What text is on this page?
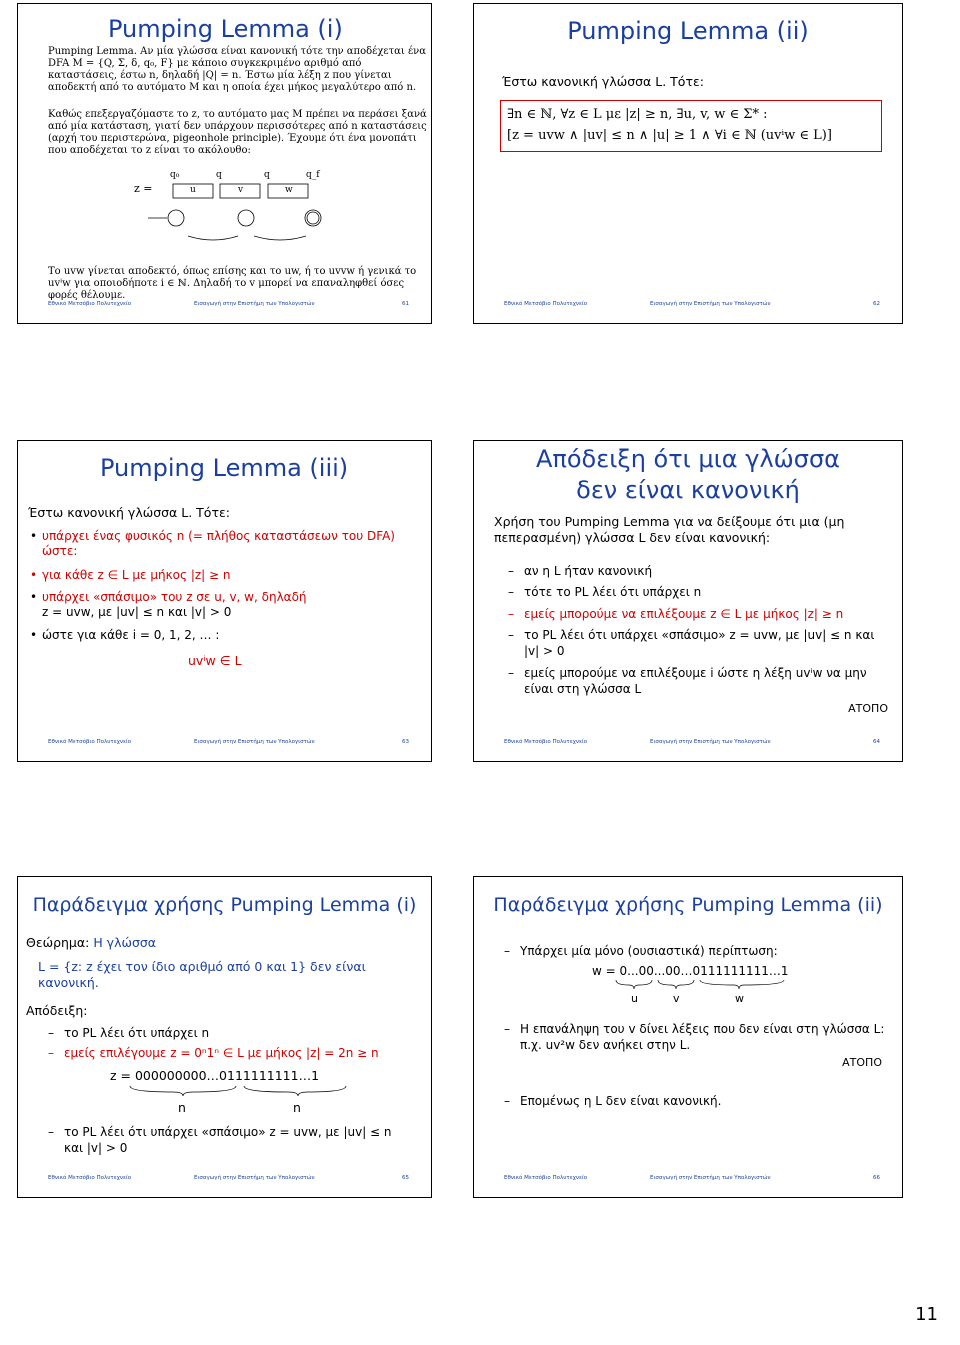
Pumping Lemma (i)
Pumping Lemma. Αν μία γλώσσα είναι κανονική τότε την αποδέχεται ένα DFA M = {Q, Σ, δ, q₀, F} με κάποιο συγκεκριμένο αριθμό από καταστάσεις, έστω n, δηλαδή |Q| = n. Έστω μία λέξη z που γίνεται αποδεκτή από το αυτόματο M και η οποία έχει μήκος μεγαλύτερο από n.
Καθώς επεξεργαζόμαστε το z, το αυτόματο μας M πρέπει να περάσει ξανά από μία κατάσταση, γιατί δεν υπάρχουν περισσότερες από n καταστάσεις (αρχή του περιστερώνα, pigeonhole principle). Έχουμε ότι ένα μονοπάτι που αποδέχεται το z είναι το ακόλουθο:
z =
q₀	q	q	q_f
u	v	w
Το uvw γίνεται αποδεκτό, όπως επίσης και το uw, ή το uvvw ή γενικά το uvⁱw για οποιοδήποτε i ∈ ℕ. Δηλαδή το v μπορεί να επαναληφθεί όσες φορές θέλουμε.
Εθνικό Μετσόβιο Πολυτεχνείο	Εισαγωγή στην Επιστήμη των Υπολογιστών	61
Pumping Lemma (ii)
Έστω κανονική γλώσσα L. Τότε:
∃n ∈ ℕ, ∀z ∈ L με |z| ≥ n, ∃u, v, w ∈ Σ* :
[z = uvw ∧ |uv| ≤ n ∧ |u| ≥ 1 ∧ ∀i ∈ ℕ (uvⁱw ∈ L)]
Εθνικό Μετσόβιο Πολυτεχνείο	Εισαγωγή στην Επιστήμη των Υπολογιστών	62
Pumping Lemma (iii)
Έστω κανονική γλώσσα L. Τότε:
• υπάρχει ένας φυσικός n (= πλήθος καταστάσεων του DFA) ώστε:
• για κάθε z ∈ L με μήκος |z| ≥ n
• υπάρχει «σπάσιμο» του z σε u, v, w, δηλαδή
z = uvw, με |uv| ≤ n και |v| > 0
• ώστε για κάθε i = 0, 1, 2, … :
uvⁱw ∈ L
Εθνικό Μετσόβιο Πολυτεχνείο	Εισαγωγή στην Επιστήμη των Υπολογιστών	63
Απόδειξη ότι μια γλώσσα
δεν είναι κανονική
Χρήση του Pumping Lemma για να δείξουμε ότι μια (μη πεπερασμένη) γλώσσα L δεν είναι κανονική:
– αν η L ήταν κανονική
– τότε το PL λέει ότι υπάρχει n
– εμείς μπορούμε να επιλέξουμε z ∈ L με μήκος |z| ≥ n
– το PL λέει ότι υπάρχει «σπάσιμο» z = uvw, με |uv| ≤ n και |v| > 0
– εμείς μπορούμε να επιλέξουμε i ώστε η λέξη uvⁱw να μην είναι στη γλώσσα L
ΑΤΟΠΟ
Εθνικό Μετσόβιο Πολυτεχνείο	Εισαγωγή στην Επιστήμη των Υπολογιστών	64
Παράδειγμα χρήσης Pumping Lemma (i)
Θεώρημα: Η γλώσσα
L = {z: z έχει τον ίδιο αριθμό από 0 και 1} δεν είναι κανονική.
Απόδειξη:
– το PL λέει ότι υπάρχει n
– εμείς επιλέγουμε z = 0ⁿ1ⁿ ∈ L με μήκος |z| = 2n ≥ n
z = 000000000…0111111111…1
n	n
– το PL λέει ότι υπάρχει «σπάσιμο» z = uvw, με |uv| ≤ n και |v| > 0
Εθνικό Μετσόβιο Πολυτεχνείο	Εισαγωγή στην Επιστήμη των Υπολογιστών	65
Παράδειγμα χρήσης Pumping Lemma (ii)
– Υπάρχει μία μόνο (ουσιαστικά) περίπτωση:
w = 0...00...00…0111111111…1
u	v	w
– Η επανάληψη του v δίνει λέξεις που δεν είναι στη γλώσσα L: π.χ. uv²w δεν ανήκει στην L.
ΑΤΟΠΟ
– Επομένως η L δεν είναι κανονική.
Εθνικό Μετσόβιο Πολυτεχνείο	Εισαγωγή στην Επιστήμη των Υπολογιστών	66
11
